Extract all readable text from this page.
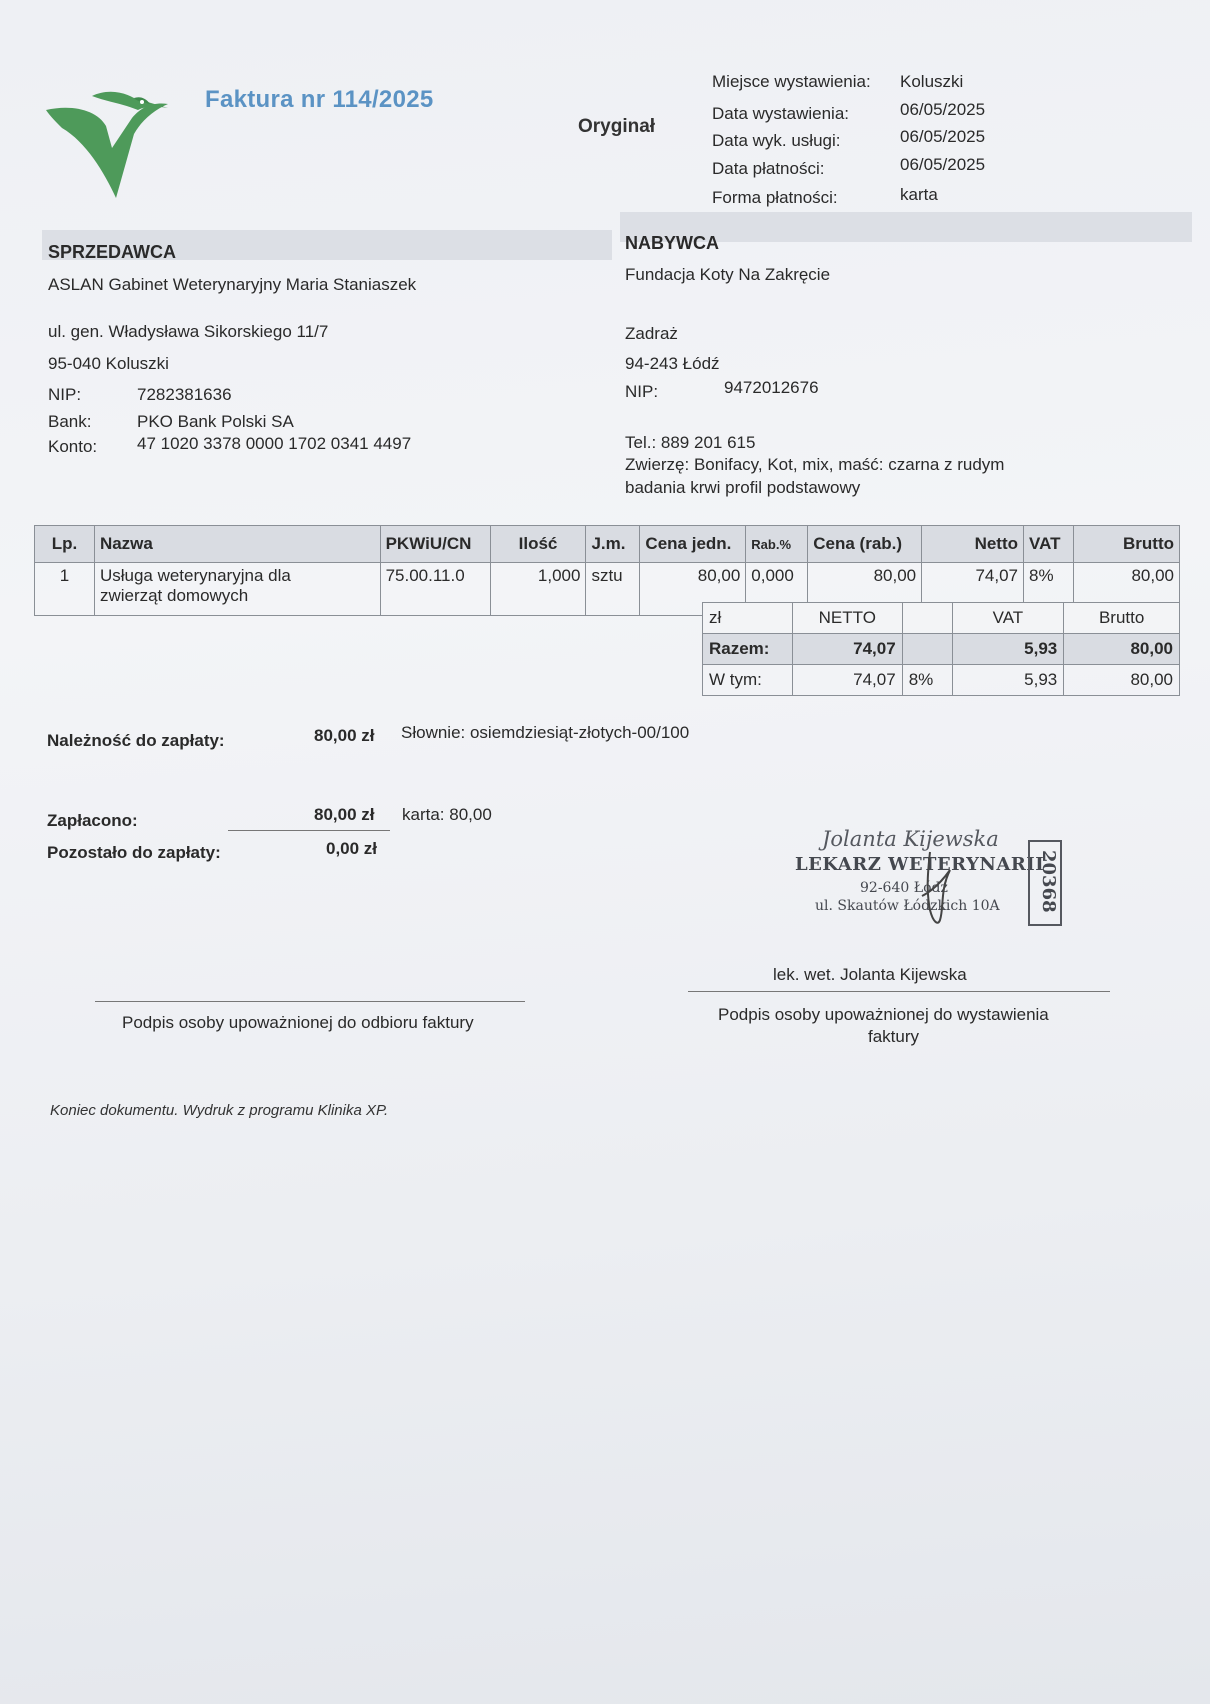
Faktura nr 114/2025
Oryginał
Miejsce wystawienia: Koluszki
Data wystawienia:	06/05/2025
Data wyk. usługi:	06/05/2025
Data płatności:	06/05/2025
Forma płatności:	karta
SPRZEDAWCA
ASLAN Gabinet Weterynaryjny Maria Staniaszek
ul. gen. Władysława Sikorskiego 11/7
95-040 Koluszki
NIP:	7282381636
Bank:	PKO Bank Polski SA
Konto: 47 1020 3378 0000 1702 0341 4497
NABYWCA
Fundacja Koty Na Zakręcie
Zadraż
94-243 Łódź
NIP:	9472012676
Tel.: 889 201 615
Zwierzę: Bonifacy, Kot, mix, maść: czarna z rudym
badania krwi profil podstawowy
Lp.	Nazwa	PKWiU/CN	Ilość	J.m.	Cena jedn.	Rab.%	Cena (rab.)	Netto	VAT	Brutto
1	Usługa weterynaryjna dla
zwierząt domowych	75.00.11.0	1,000	sztu	80,00	0,000	80,00	74,07	8%	80,00
zł	NETTO		VAT	Brutto
Razem:	74,07		5,93	80,00
W tym:	74,07	8%	5,93	80,00
Należność do zapłaty:	80,00 zł Słownie: osiemdziesiąt-złotych-00/100
Zapłacono:	80,00 zł karta: 80,00
Pozostało do zapłaty:	0,00 zł	Jolanta Kijewska
LEKARZ WETERYNARII
92-640 Łódź
ul. Skautów Łódzkich 10A 20368
lek. wet. Jolanta Kijewska
Podpis osoby upoważnionej do odbioru faktury	Podpis osoby upoważnionej do wystawienia
faktury
Koniec dokumentu. Wydruk z programu Klinika XP.
